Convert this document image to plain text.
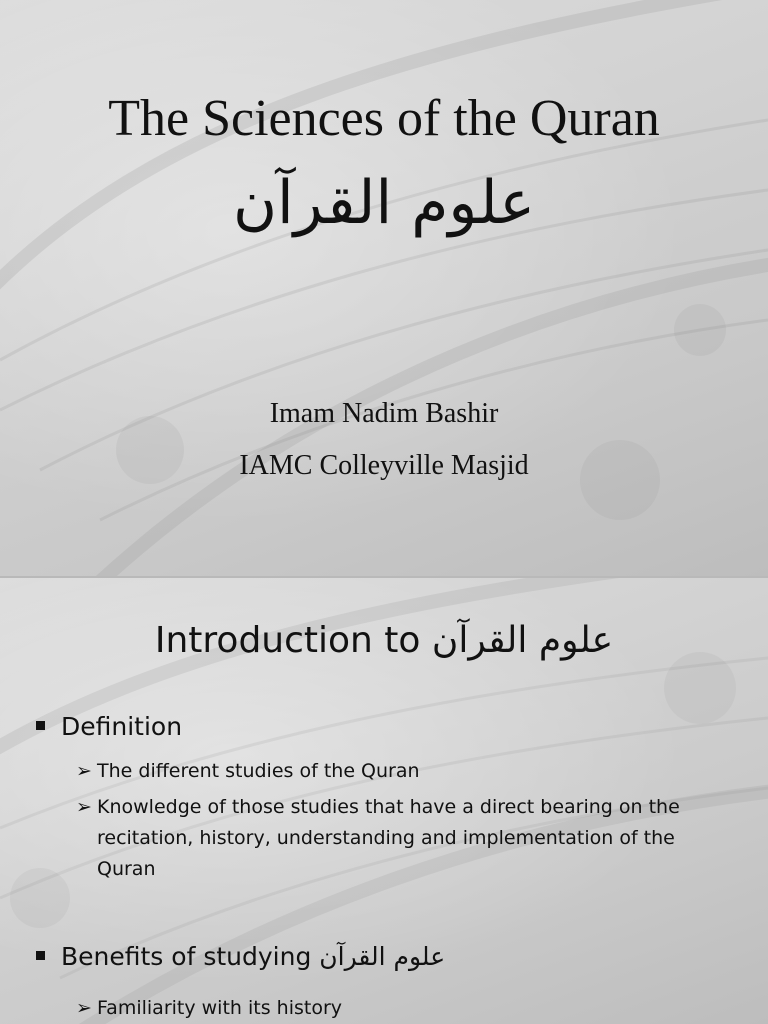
The Sciences of the Quran
علوم القرآن
Imam Nadim Bashir
IAMC Colleyville Masjid
Introduction to علوم القرآن
Definition
➢ The different studies of the Quran
➢ Knowledge of those studies that have a direct bearing on the recitation, history, understanding and implementation of the Quran
Benefits of studying علوم القرآن
➢ Familiarity with its history
